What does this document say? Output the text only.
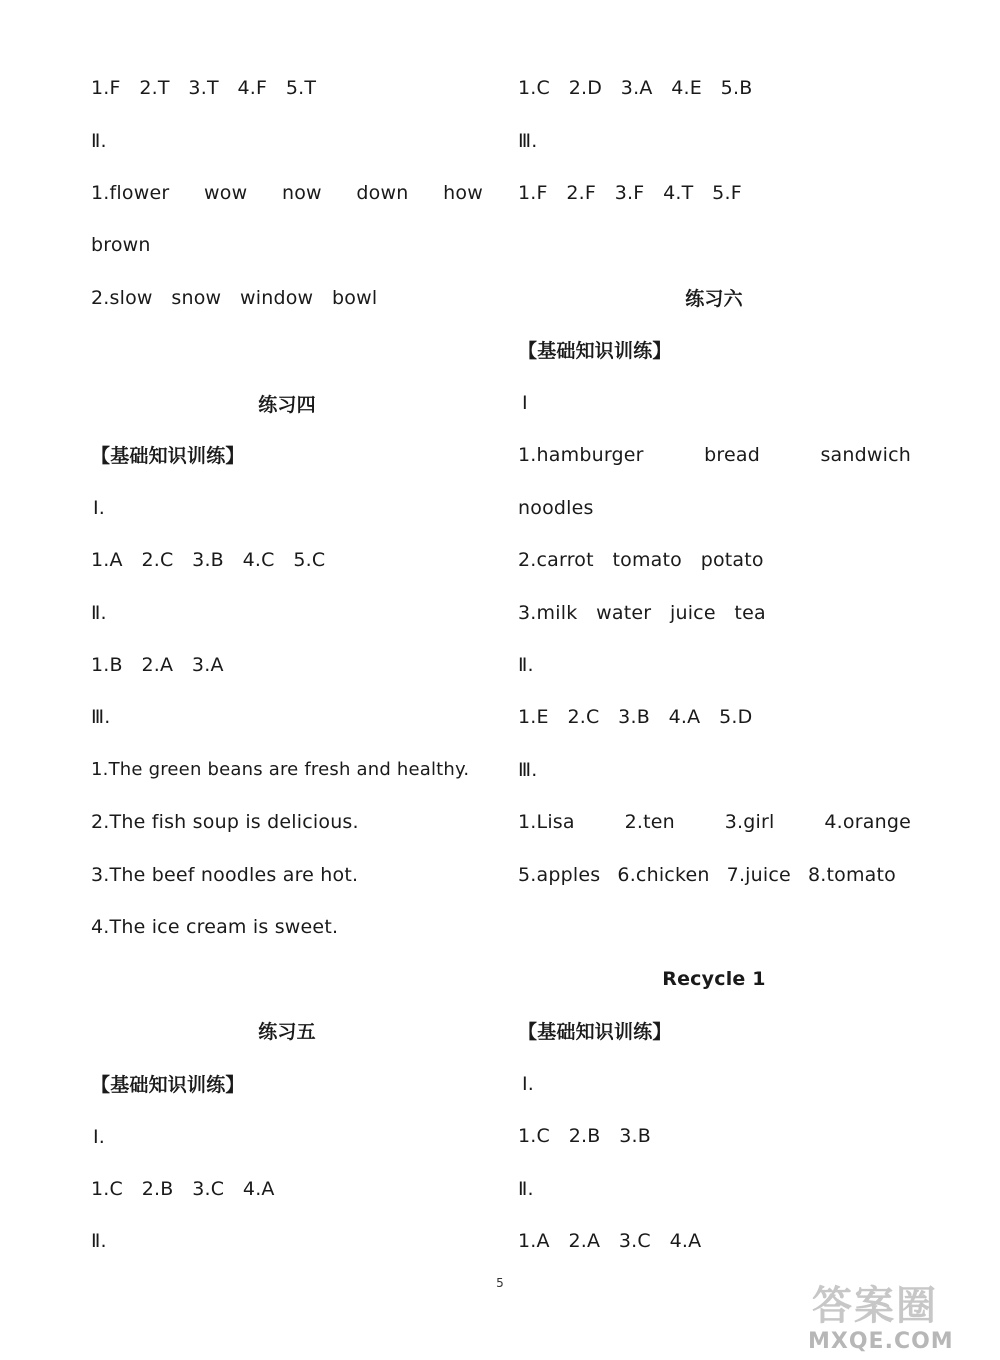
1.F   2.T   3.T   4.F   5.T
Ⅱ.
1.flower wow now down how
brown
2.slow   snow   window   bowl
练习四
【基础知识训练】
Ⅰ.
1.A   2.C   3.B   4.C   5.C
Ⅱ.
1.B   2.A   3.A
Ⅲ.
1.The green beans are fresh and healthy.
2.The fish soup is delicious.
3.The beef noodles are hot.
4.The ice cream is sweet.
练习五
【基础知识训练】
Ⅰ.
1.C   2.B   3.C   4.A
Ⅱ.
1.C   2.D   3.A   4.E   5.B
Ⅲ.
1.F   2.F   3.F   4.T   5.F
练习六
【基础知识训练】
Ⅰ
1.hamburger	bread	sandwich
noodles
2.carrot   tomato   potato
3.milk   water   juice   tea
Ⅱ.
1.E   2.C   3.B   4.A   5.D
Ⅲ.
1.Lisa	2.ten	3.girl	4.orange
5.apples 6.chicken 7.juice 8.tomato
Recycle 1
【基础知识训练】
Ⅰ.
1.C   2.B   3.B
Ⅱ.
1.A   2.A   3.C   4.A
5	答案圈
MXQE.COM
